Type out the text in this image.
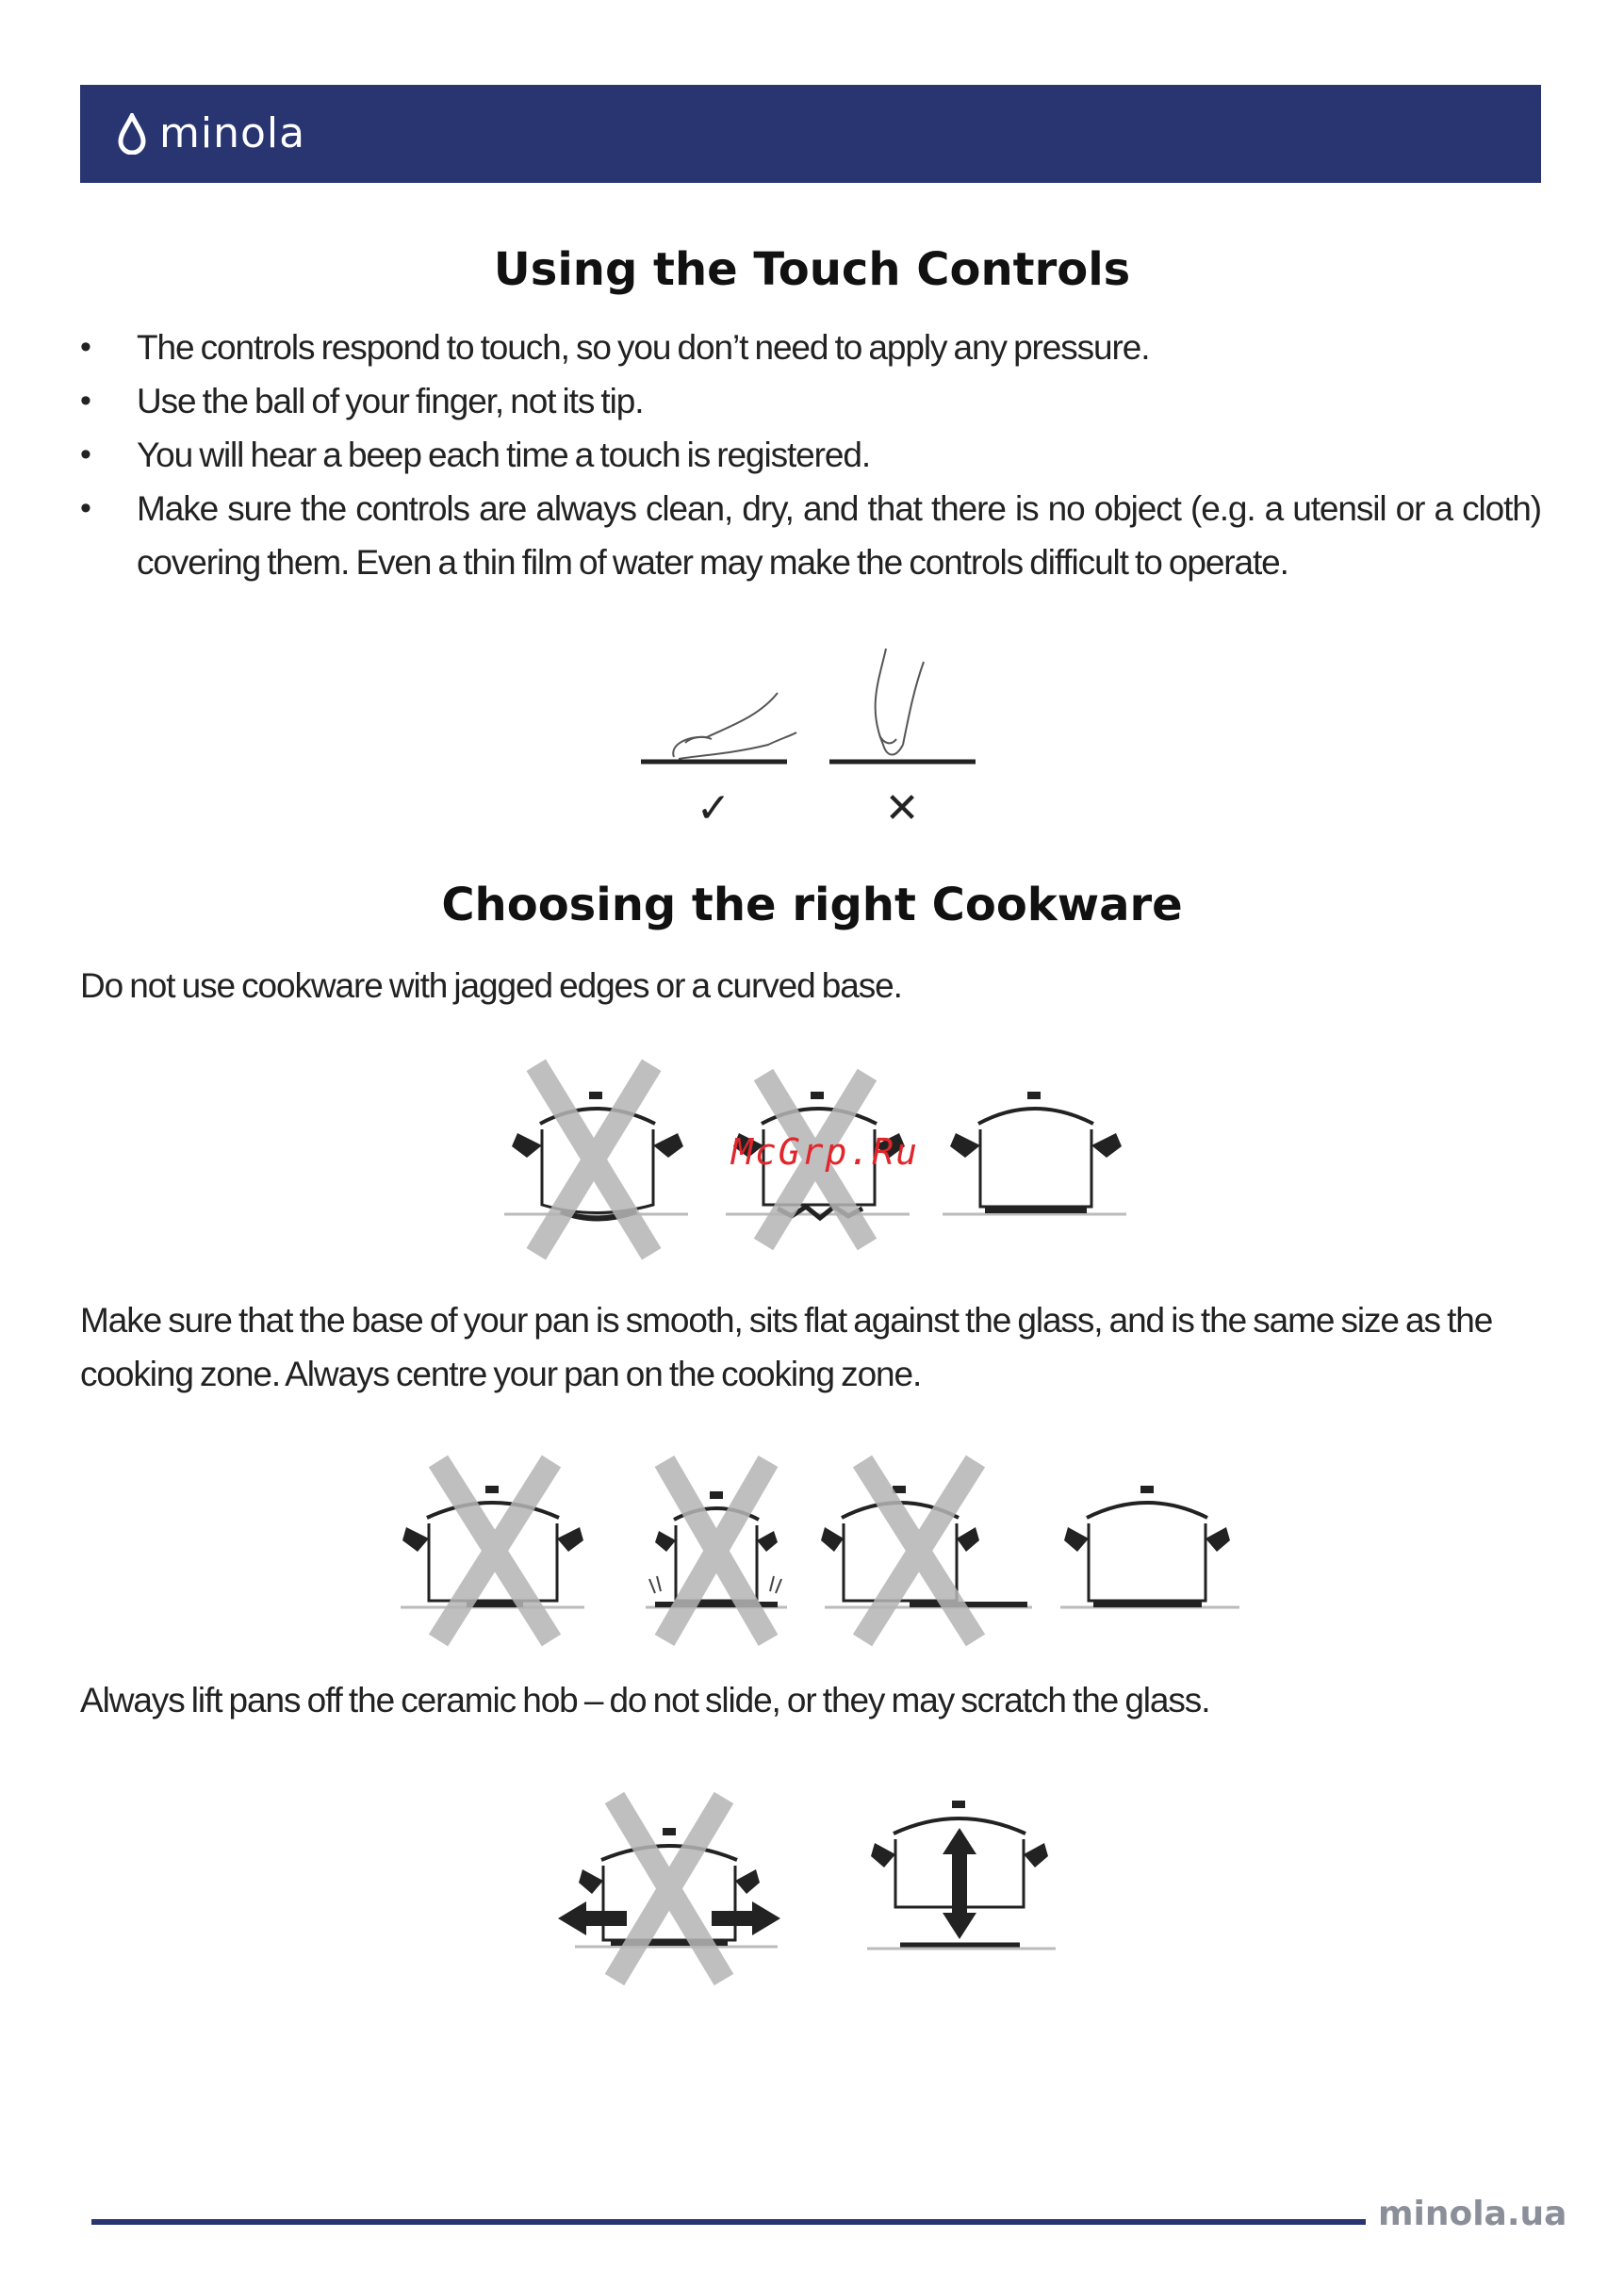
minola
Using the Touch Controls
• The controls respond to touch, so you don’t need to apply any pressure.
• Use the ball of your finger, not its tip.
• You will hear a beep each time a touch is registered.
• Make sure the controls are always clean, dry, and that there is no object (e.g. a utensil or a cloth) covering them. Even a thin film of water may make the controls difficult to operate.
✓	✕
Choosing the right Cookware

Do not use cookware with jagged edges or a curved base.

McGrp.Ru

Make sure that the base of your pan is smooth, sits flat against the glass, and is the same size as the cooking zone. Always centre your pan on the cooking zone.

Always lift pans off the ceramic hob – do not slide, or they may scratch the glass.

minola.ua
